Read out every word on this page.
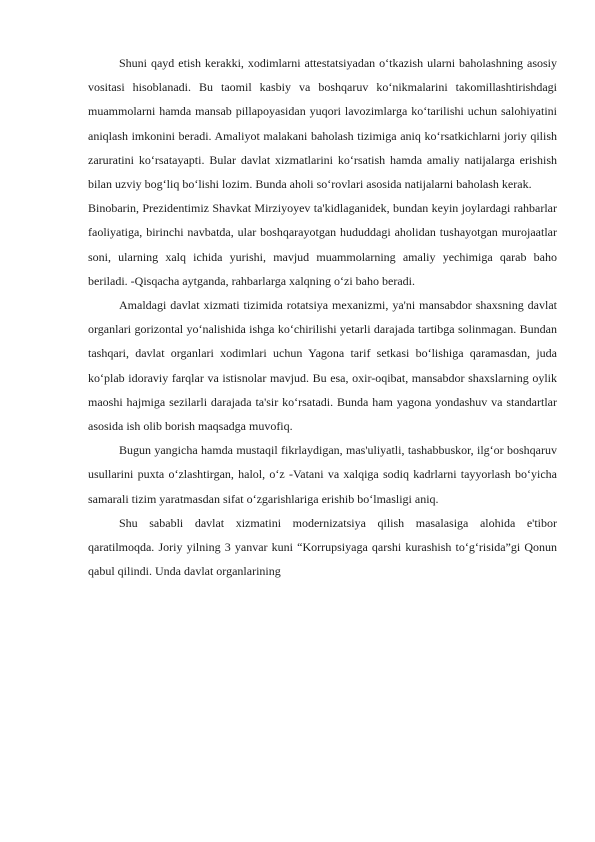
Shuni qayd etish kerakki, xodimlarni attestatsiyadan o‘tkazish ularni baholashning asosiy vositasi hisoblanadi. Bu taomil kasbiy va boshqaruv ko‘nikmalarini takomillashtirishdagi muammolarni hamda mansab pillapoyasidan yuqori lavozimlarga ko‘tarilishi uchun salohiyatini aniqlash imkonini beradi. Amaliyot malakani baholash tizimiga aniq ko‘rsatkichlarni joriy qilish zaruratini ko‘rsatayapti. Bular davlat xizmatlarini ko‘rsatish hamda amaliy natijalarga erishish bilan uzviy bog‘liq bo‘lishi lozim. Bunda aholi so‘rovlari asosida natijalarni baholash kerak.

Binobarin, Prezidentimiz Shavkat Mirziyoyev ta'kidlaganidek, bundan keyin joylardagi rahbarlar faoliyatiga, birinchi navbatda, ular boshqarayotgan hududdagi aholidan tushayotgan murojaatlar soni, ularning xalq ichida yurishi, mavjud muammolarning amaliy yechimiga qarab baho beriladi. -Qisqacha aytganda, rahbarlarga xalqning o‘zi baho beradi.

Amaldagi davlat xizmati tizimida rotatsiya mexanizmi, ya'ni mansabdor shaxsning davlat organlari gorizontal yo‘nalishida ishga ko‘chirilishi yetarli darajada tartibga solinmagan. Bundan tashqari, davlat organlari xodimlari uchun Yagona tarif setkasi bo‘lishiga qaramasdan, juda ko‘plab idoraviy farqlar va istisnolar mavjud. Bu esa, oxir-oqibat, mansabdor shaxslarning oylik maoshi hajmiga sezilarli darajada ta'sir ko‘rsatadi. Bunda ham yagona yondashuv va standartlar asosida ish olib borish maqsadga muvofiq.

Bugun yangicha hamda mustaqil fikrlaydigan, mas'uliyatli, tashabbuskor, ilg‘or boshqaruv usullarini puxta o‘zlashtirgan, halol, o‘z -Vatani va xalqiga sodiq kadrlarni tayyorlash bo‘yicha samarali tizim yaratmasdan sifat o‘zgarishlariga erishib bo‘lmasligi aniq.

Shu sababli davlat xizmatini modernizatsiya qilish masalasiga alohida e'tibor qaratilmoqda. Joriy yilning 3 yanvar kuni “Korrupsiyaga qarshi kurashish to‘g‘risida”gi Qonun qabul qilindi. Unda davlat organlarining
